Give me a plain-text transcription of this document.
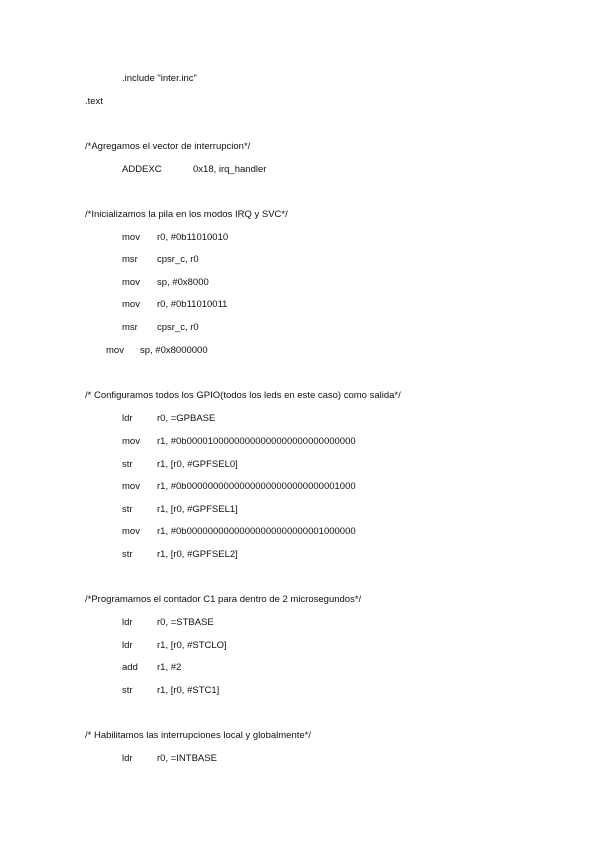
.include "inter.inc"
.text
/*Agregamos el vector de interrupcion*/
ADDEXC	0x18, irq_handler
/*Inicializamos la pila en los modos IRQ y SVC*/
mov r0, #0b11010010
msr cpsr_c, r0
mov sp, #0x8000
mov r0, #0b11010011
msr cpsr_c, r0
mov sp, #0x8000000
/* Configuramos todos los GPIO(todos los leds en este caso) como salida*/
ldr	r0, =GPBASE
mov r1, #0b00001000000000000000000000000000
str	r1, [r0, #GPFSEL0]
mov r1, #0b00000000000000000000000000001000
str	r1, [r0, #GPFSEL1]
mov r1, #0b00000000000000000000000001000000
str	r1, [r0, #GPFSEL2]
/*Programamos el contador C1 para dentro de 2 microsegundos*/
ldr	r0, =STBASE
ldr	r1, [r0, #STCLO]
add r1, #2
str	r1, [r0, #STC1]
/* Habilitamos las interrupciones local y globalmente*/
ldr	r0, =INTBASE
